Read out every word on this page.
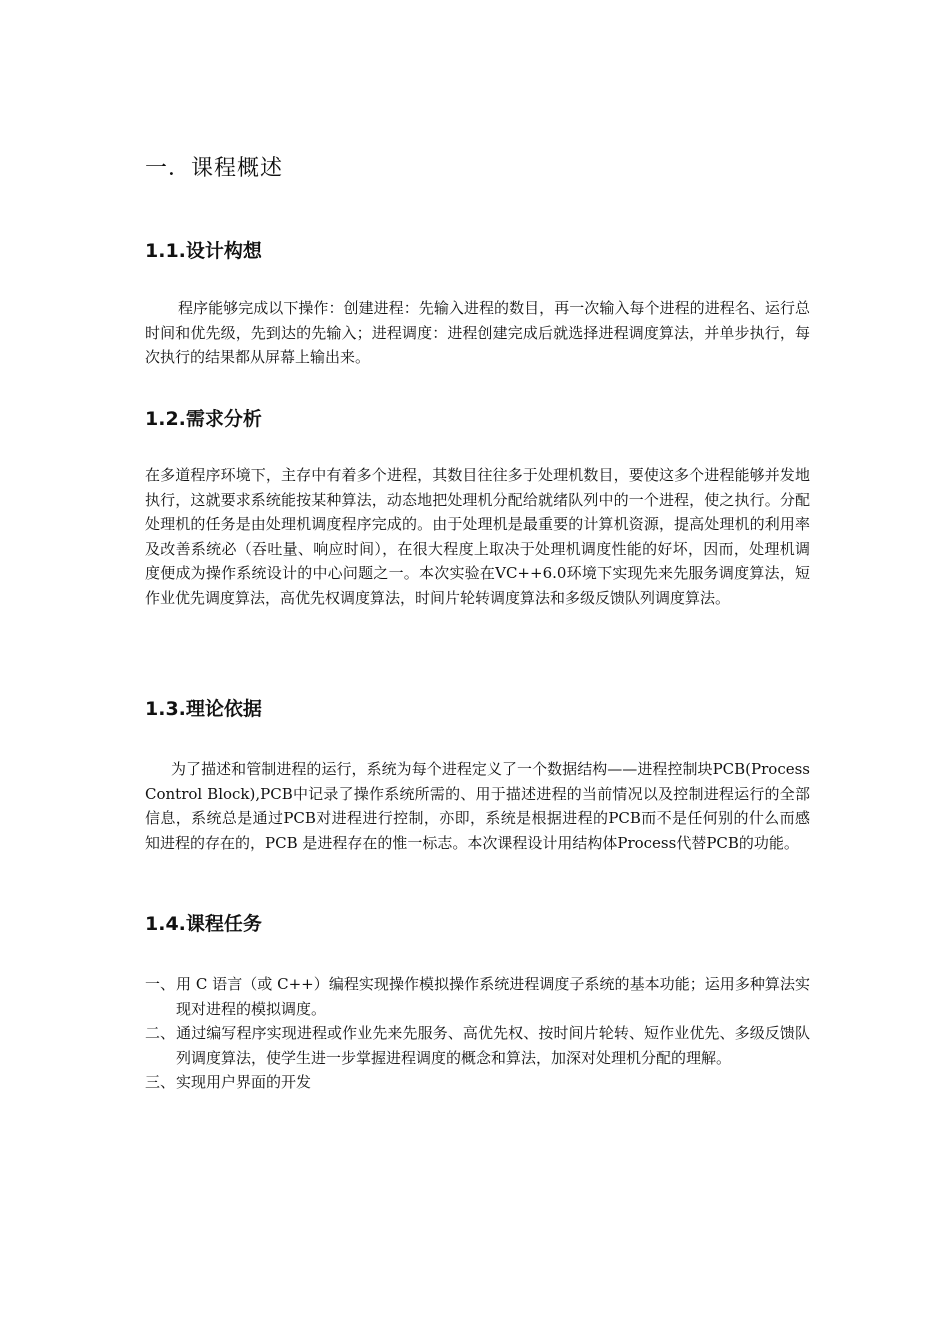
一．课程概述
1.1.设计构想

程序能够完成以下操作：创建进程：先输入进程的数目，再一次输入每个进程的进程名、运行总时间和优先级，先到达的先输入；进程调度：进程创建完成后就选择进程调度算法，并单步执行，每次执行的结果都从屏幕上输出来。

1.2.需求分析

在多道程序环境下，主存中有着多个进程，其数目往往多于处理机数目，要使这多个进程能够并发地执行，这就要求系统能按某种算法，动态地把处理机分配给就绪队列中的一个进程，使之执行。分配处理机的任务是由处理机调度程序完成的。由于处理机是最重要的计算机资源，提高处理机的利用率及改善系统必（吞吐量、响应时间），在很大程度上取决于处理机调度性能的好坏，因而，处理机调度便成为操作系统设计的中心问题之一。本次实验在VC++6.0环境下实现先来先服务调度算法，短作业优先调度算法，高优先权调度算法，时间片轮转调度算法和多级反馈队列调度算法。

1.3.理论依据

为了描述和管制进程的运行，系统为每个进程定义了一个数据结构——进程控制块PCB(Process Control Block),PCB中记录了操作系统所需的、用于描述进程的当前情况以及控制进程运行的全部信息，系统总是通过PCB对进程进行控制，亦即，系统是根据进程的PCB而不是任何别的什么而感知进程的存在的，PCB 是进程存在的惟一标志。本次课程设计用结构体Process代替PCB的功能。

1.4.课程任务
一、用 C 语言（或 C++）编程实现操作模拟操作系统进程调度子系统的基本功能；运用多种算法实现对进程的模拟调度。
二、通过编写程序实现进程或作业先来先服务、高优先权、按时间片轮转、短作业优先、多级反馈队列调度算法，使学生进一步掌握进程调度的概念和算法，加深对处理机分配的理解。
三、实现用户界面的开发
